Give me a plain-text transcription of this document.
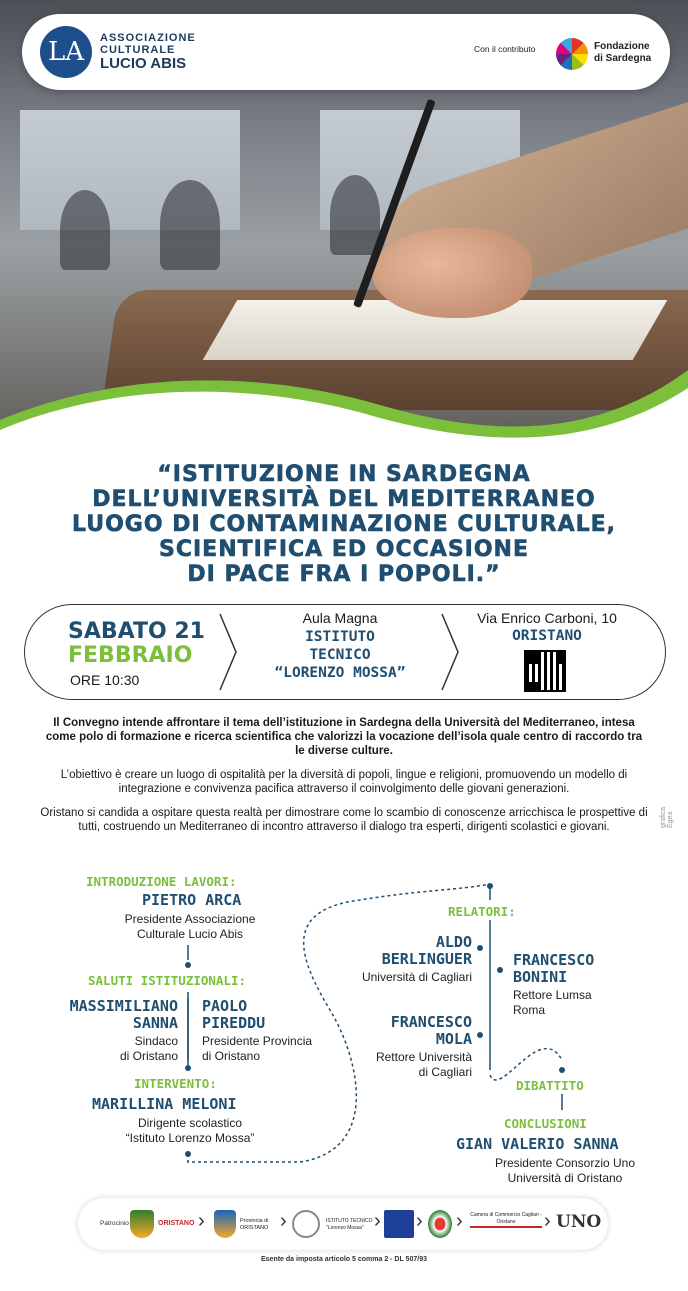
LA	ASSOCIAZIONE
CULTURALE
LUCIO ABIS
Con il contributo	Fondazione
di Sardegna
“ISTITUZIONE IN SARDEGNA
DELL’UNIVERSITÀ DEL MEDITERRANEO
LUOGO DI CONTAMINAZIONE CULTURALE,
SCIENTIFICA ED OCCASIONE
DI PACE FRA I POPOLI.”
SABATO 21
FEBBRAIO
ORE 10:30
Aula Magna
ISTITUTO
TECNICO
“LORENZO MOSSA”
Via Enrico Carboni, 10
ORISTANO
Il Convegno intende affrontare il tema dell’istituzione in Sardegna della Università del Mediterraneo, intesa come polo di formazione e ricerca scientifica che valorizzi la vocazione dell’isola quale centro di raccordo tra le diverse culture.
L’obiettivo è creare un luogo di ospitalità per la diversità di popoli, lingue e religioni, promuovendo un modello di integrazione e convivenza pacifica attraverso il coinvolgimento delle giovani generazioni.
Oristano si candida a ospitare questa realtà per dimostrare come lo scambio di conoscenze arricchisca le prospettive di tutti, costruendo un Mediterraneo di incontro attraverso il dialogo tra esperti, dirigenti scolastici e giovani.	grafica Egea
INTRODUZIONE LAVORI:
PIETRO ARCA
Presidente Associazione
Culturale Lucio Abis
SALUTI ISTITUZIONALI:
MASSIMILIANO
SANNA
Sindaco
di Oristano
PAOLO
PIREDDU
Presidente Provincia
di Oristano
INTERVENTO:
MARILLINA MELONI
Dirigente scolastico
“Istituto Lorenzo Mossa”
RELATORI:
ALDO
BERLINGUER
Università di Cagliari
FRANCESCO
BONINI
Rettore Lumsa
Roma
FRANCESCO
MOLA
Rettore Università
di Cagliari
DIBATTITO
CONCLUSIONI
GIAN VALERIO SANNA
Presidente Consorzio Uno
Università di Oristano
Patrocinio	ORISTANO ›	Provincia di ORISTANO ›	ISTITUTO TECNICO "Lorenzo Mossa" › › › Camera di Commercio Cagliari - Oristano	› UNO
Esente da imposta articolo 5 comma 2 - DL 507/93
